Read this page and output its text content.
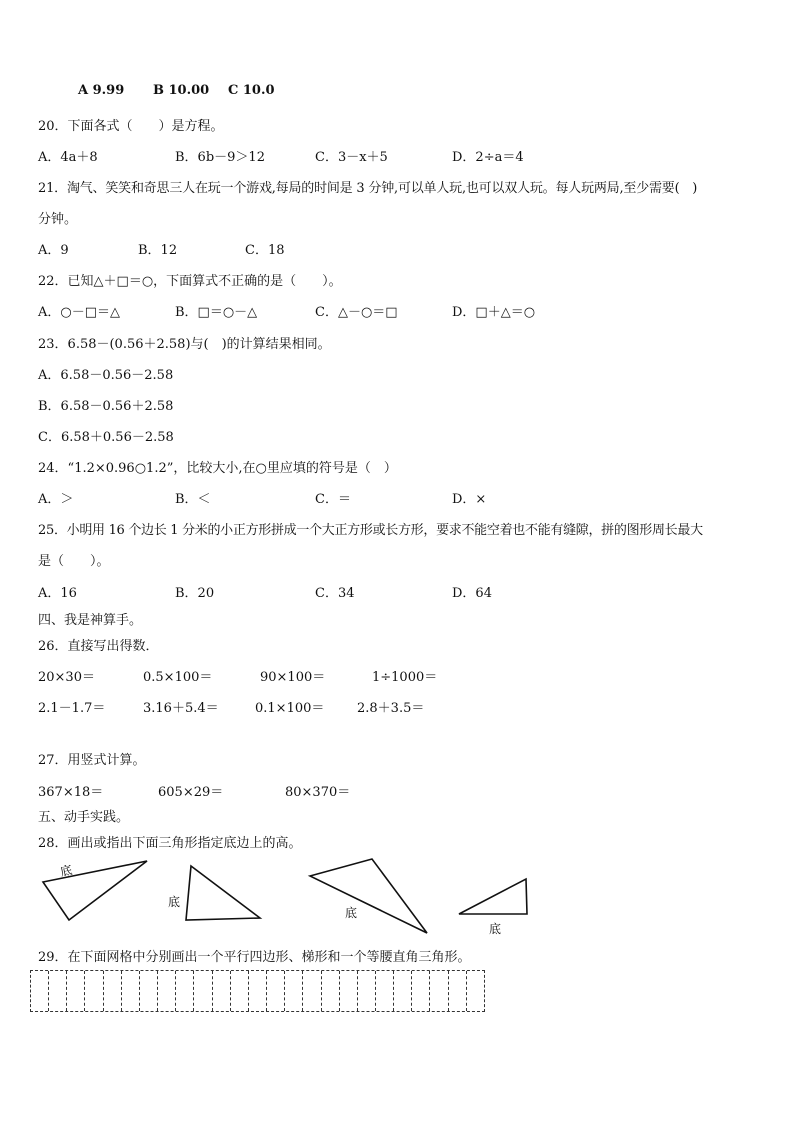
A 9.99 B 10.00 C 10.0
20．下面各式（　　）是方程。
A．4a＋8	B．6b－9＞12	C．3－x＋5	D．2÷a＝4
21．淘气、笑笑和奇思三人在玩一个游戏,每局的时间是 3 分钟,可以单人玩,也可以双人玩。每人玩两局,至少需要(　)
分钟。
A．9	B．12	C．18
22．已知△＋□＝○，下面算式不正确的是（　　）。
A．○－□＝△	B．□＝○－△	C．△－○＝□	D．□＋△＝○
23．6.58－(0.56＋2.58)与(　)的计算结果相同。
A．6.58－0.56－2.58
B．6.58－0.56＋2.58
C．6.58＋0.56－2.58
24．“1.2×0.96○1.2”，比较大小,在○里应填的符号是（　）
A．＞	B．＜	C．＝	D．×
25．小明用 16 个边长 1 分米的小正方形拼成一个大正方形或长方形，要求不能空着也不能有缝隙，拼的图形周长最大
是（　　）。
A．16	B．20	C．34	D．64
四、我是神算手。
26．直接写出得数．
20×30＝	0.5×100＝	90×100＝	1÷1000＝
2.1－1.7＝	3.16＋5.4＝	0.1×100＝	2.8＋3.5＝
27．用竖式计算。
367×18＝	605×29＝	80×370＝
五、动手实践。
28．画出或指出下面三角形指定底边上的高。
底
底
底
底
29．在下面网格中分别画出一个平行四边形、梯形和一个等腰直角三角形。
